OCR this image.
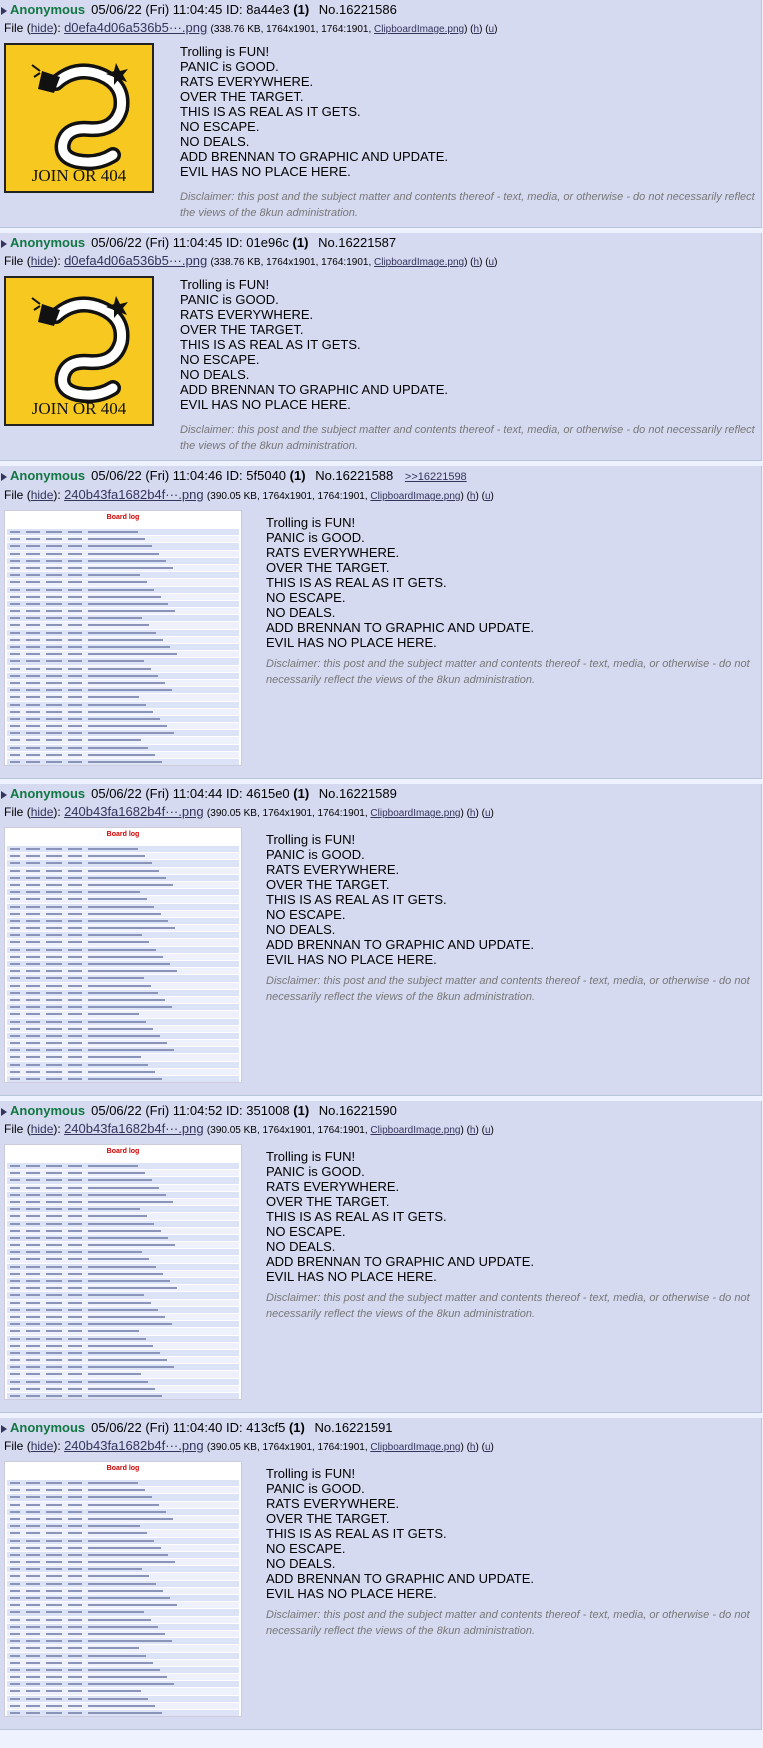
Anonymous 05/06/22 (Fri) 11:04:45 ID: 8a44e3 (1) No.16221586
File (hide): d0efa4d06a536b5···.png (338.76 KB, 1764x1901, 1764:1901, ClipboardImage.png) (h) (u)
JOIN OR 404
Trolling is FUN!
PANIC is GOOD.
RATS EVERYWHERE.
OVER THE TARGET.
THIS IS AS REAL AS IT GETS.
NO ESCAPE.
NO DEALS.
ADD BRENNAN TO GRAPHIC AND UPDATE.
EVIL HAS NO PLACE HERE.
Disclaimer: this post and the subject matter and contents thereof - text, media, or otherwise - do not necessarily reflect the views of the 8kun administration.
Anonymous 05/06/22 (Fri) 11:04:45 ID: 01e96c (1) No.16221587
File (hide): d0efa4d06a536b5···.png (338.76 KB, 1764x1901, 1764:1901, ClipboardImage.png) (h) (u)
JOIN OR 404
Trolling is FUN!
PANIC is GOOD.
RATS EVERYWHERE.
OVER THE TARGET.
THIS IS AS REAL AS IT GETS.
NO ESCAPE.
NO DEALS.
ADD BRENNAN TO GRAPHIC AND UPDATE.
EVIL HAS NO PLACE HERE.
Disclaimer: this post and the subject matter and contents thereof - text, media, or otherwise - do not necessarily reflect the views of the 8kun administration.
Anonymous 05/06/22 (Fri) 11:04:46 ID: 5f5040 (1) No.16221588 >>16221598
File (hide): 240b43fa1682b4f···.png (390.05 KB, 1764x1901, 1764:1901, ClipboardImage.png) (h) (u)
Board log	Trolling is FUN!
PANIC is GOOD.
RATS EVERYWHERE.
OVER THE TARGET.
THIS IS AS REAL AS IT GETS.
NO ESCAPE.
NO DEALS.
ADD BRENNAN TO GRAPHIC AND UPDATE.
EVIL HAS NO PLACE HERE.
Disclaimer: this post and the subject matter and contents thereof - text, media, or otherwise - do not necessarily reflect the views of the 8kun administration.
Anonymous 05/06/22 (Fri) 11:04:44 ID: 4615e0 (1) No.16221589
File (hide): 240b43fa1682b4f···.png (390.05 KB, 1764x1901, 1764:1901, ClipboardImage.png) (h) (u)
Board log	Trolling is FUN!
PANIC is GOOD.
RATS EVERYWHERE.
OVER THE TARGET.
THIS IS AS REAL AS IT GETS.
NO ESCAPE.
NO DEALS.
ADD BRENNAN TO GRAPHIC AND UPDATE.
EVIL HAS NO PLACE HERE.
Disclaimer: this post and the subject matter and contents thereof - text, media, or otherwise - do not necessarily reflect the views of the 8kun administration.
Anonymous 05/06/22 (Fri) 11:04:52 ID: 351008 (1) No.16221590
File (hide): 240b43fa1682b4f···.png (390.05 KB, 1764x1901, 1764:1901, ClipboardImage.png) (h) (u)
Board log	Trolling is FUN!
PANIC is GOOD.
RATS EVERYWHERE.
OVER THE TARGET.
THIS IS AS REAL AS IT GETS.
NO ESCAPE.
NO DEALS.
ADD BRENNAN TO GRAPHIC AND UPDATE.
EVIL HAS NO PLACE HERE.
Disclaimer: this post and the subject matter and contents thereof - text, media, or otherwise - do not necessarily reflect the views of the 8kun administration.
Anonymous 05/06/22 (Fri) 11:04:40 ID: 413cf5 (1) No.16221591
File (hide): 240b43fa1682b4f···.png (390.05 KB, 1764x1901, 1764:1901, ClipboardImage.png) (h) (u)
Board log	Trolling is FUN!
PANIC is GOOD.
RATS EVERYWHERE.
OVER THE TARGET.
THIS IS AS REAL AS IT GETS.
NO ESCAPE.
NO DEALS.
ADD BRENNAN TO GRAPHIC AND UPDATE.
EVIL HAS NO PLACE HERE.
Disclaimer: this post and the subject matter and contents thereof - text, media, or otherwise - do not necessarily reflect the views of the 8kun administration.
